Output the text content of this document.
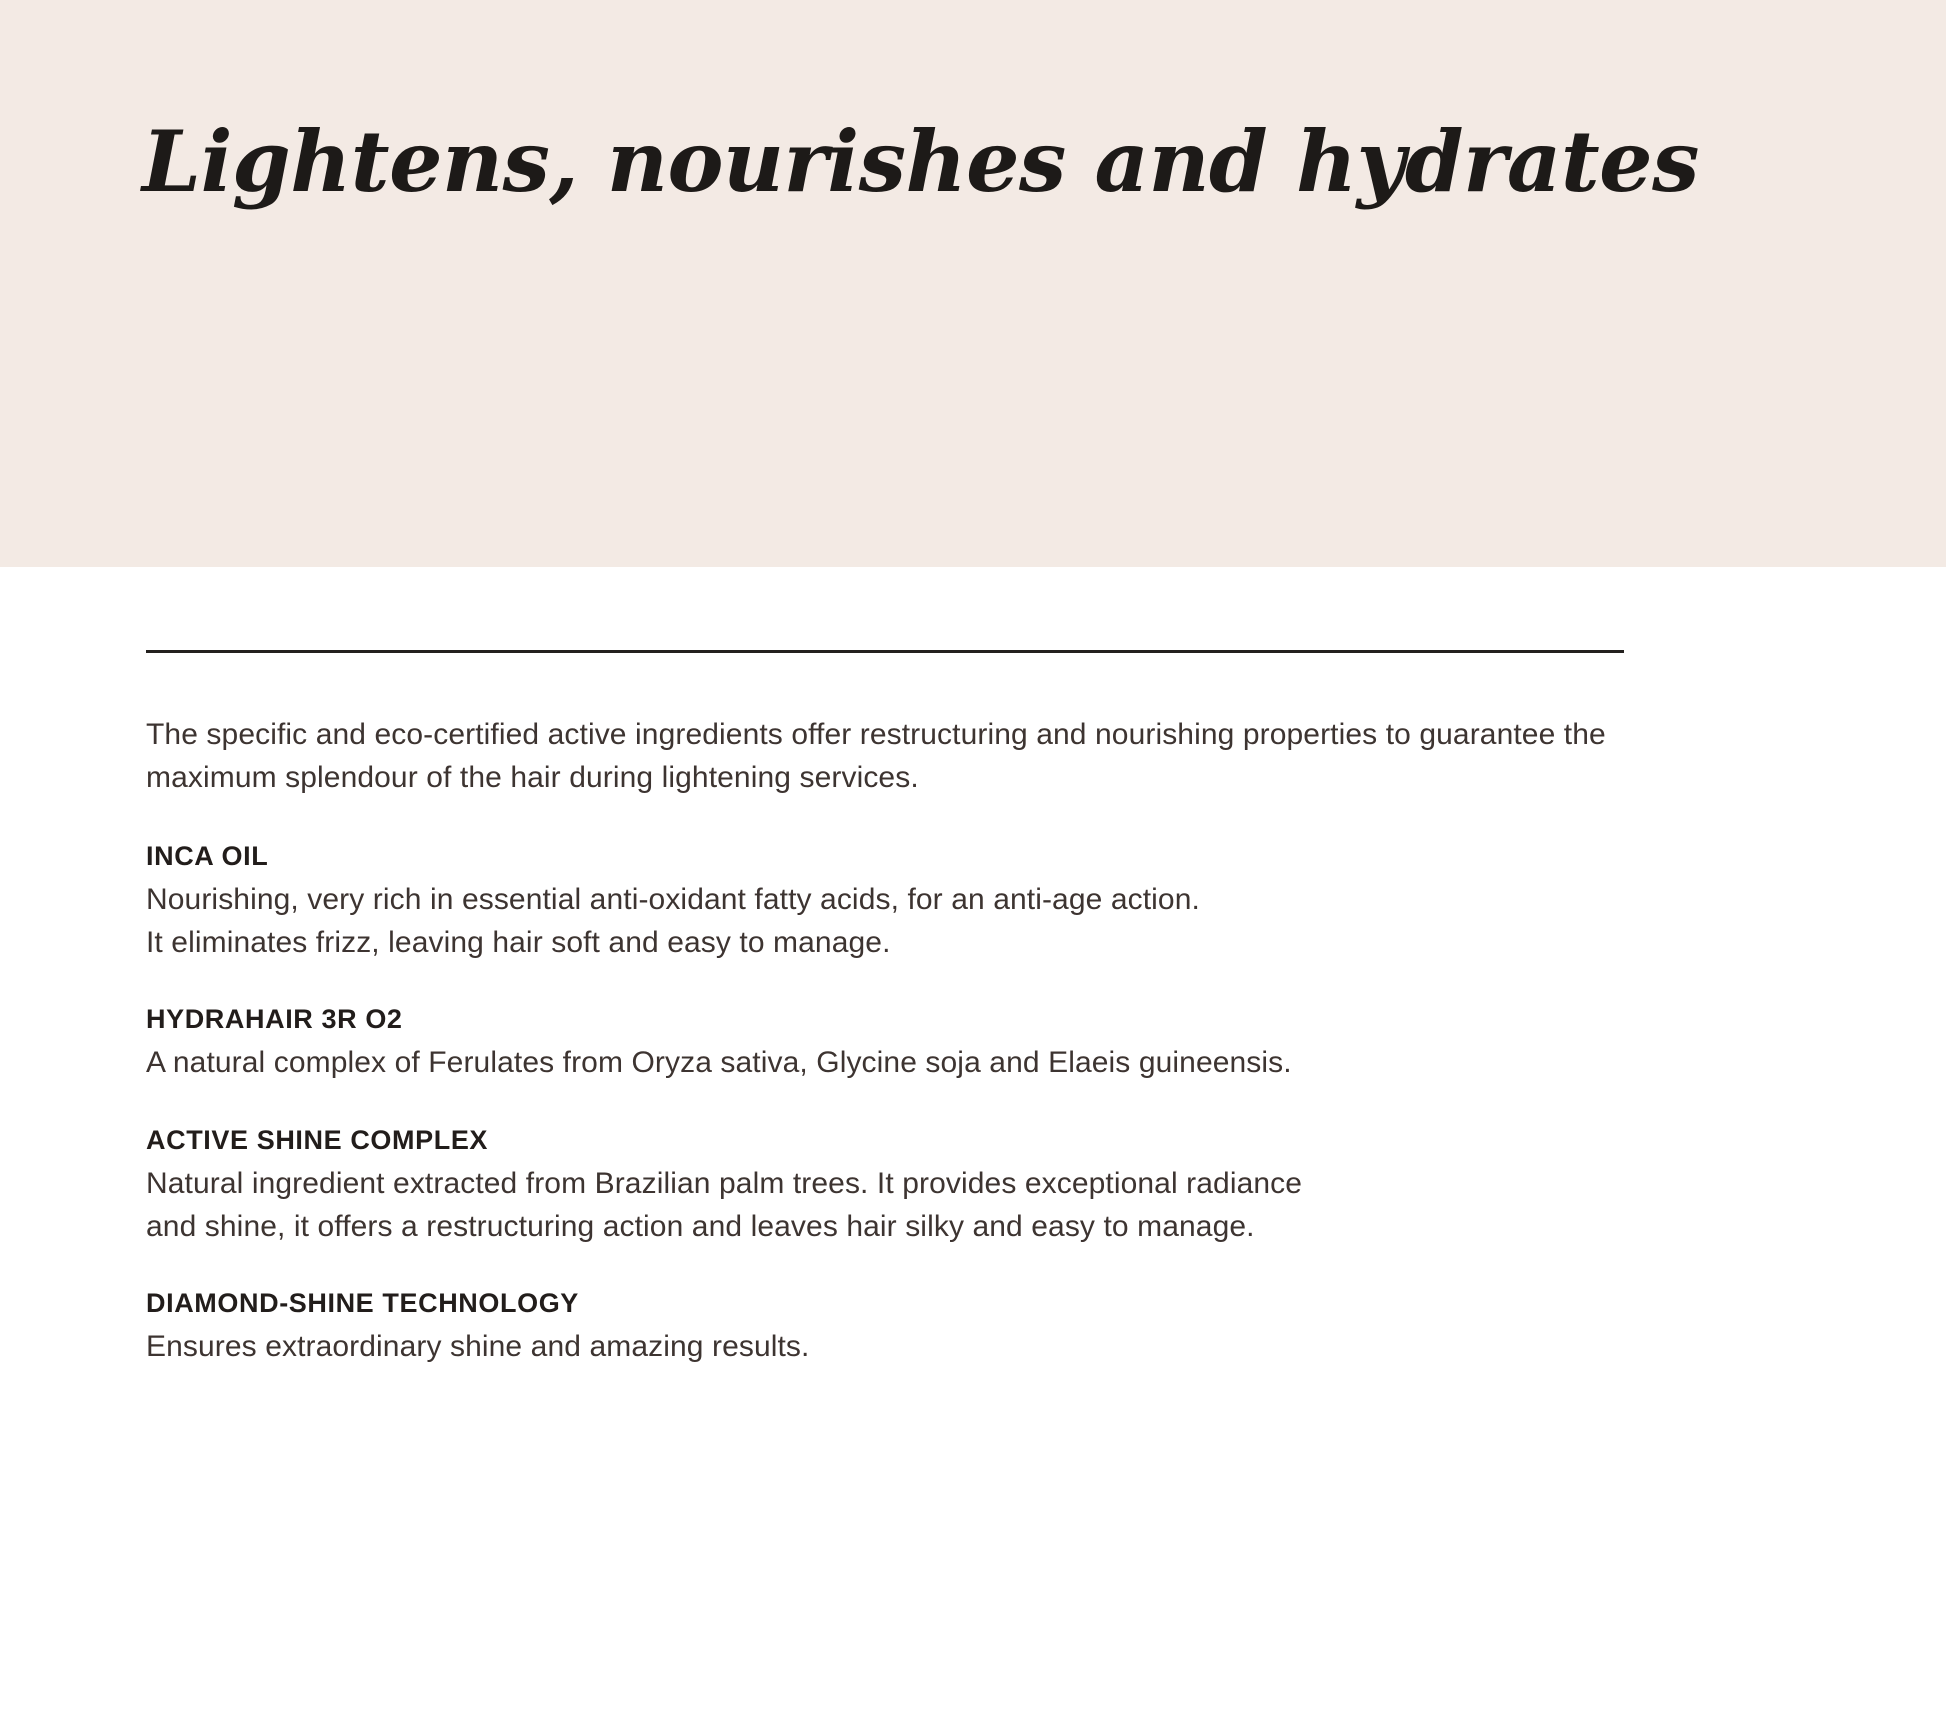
Lightens, nourishes and hydrates

The specific and eco-certified active ingredients offer restructuring and nourishing properties to guarantee the maximum splendour of the hair during lightening services.

INCA OIL

Nourishing, very rich in essential anti-oxidant fatty acids, for an anti-age action.
It eliminates frizz, leaving hair soft and easy to manage.

HYDRAHAIR 3R O2

A natural complex of Ferulates from Oryza sativa, Glycine soja and Elaeis guineensis.

ACTIVE SHINE COMPLEX

Natural ingredient extracted from Brazilian palm trees. It provides exceptional radiance
and shine, it offers a restructuring action and leaves hair silky and easy to manage.

DIAMOND-SHINE TECHNOLOGY

Ensures extraordinary shine and amazing results.
